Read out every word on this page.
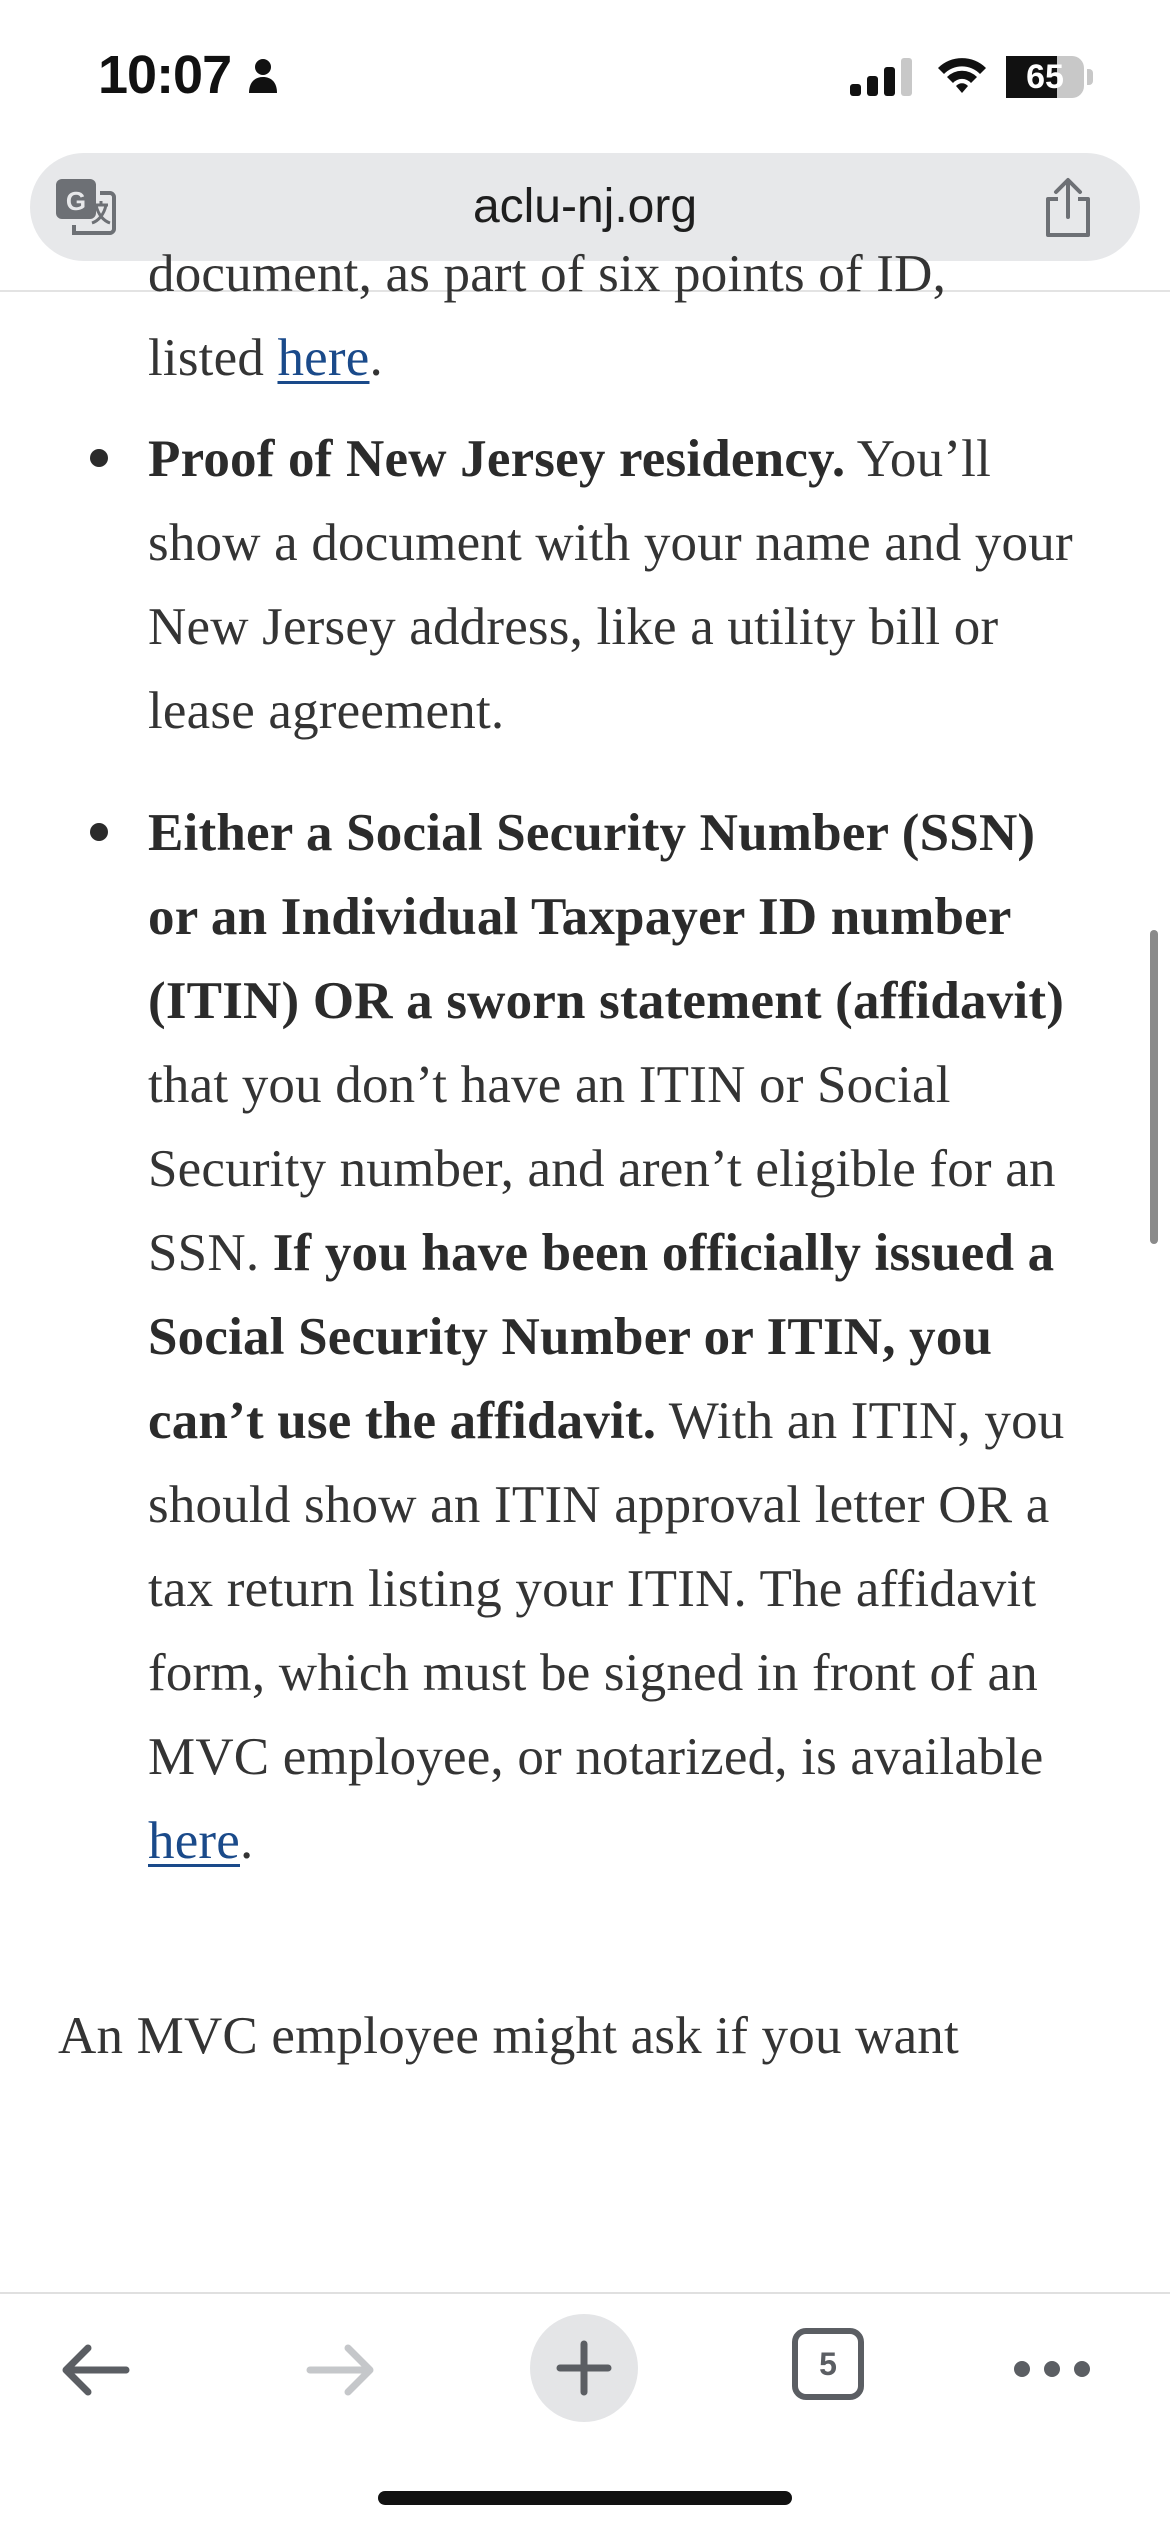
10:07	65
aclu-nj.org
G
document, as part of six points of ID,
listed here.
Proof of New Jersey residency. You’ll show a document with your name and your New Jersey address, like a utility bill or lease agreement.
Either a Social Security Number (SSN) or an Individual Taxpayer ID number (ITIN) OR a sworn statement (affidavit) that you don’t have an ITIN or Social Security number, and aren’t eligible for an SSN. If you have been officially issued a Social Security Number or ITIN, you can’t use the affidavit. With an ITIN, you should show an ITIN approval letter OR a tax return listing your ITIN. The affidavit form, which must be signed in front of an MVC employee, or notarized, is available here.
An MVC employee might ask if you want
5
